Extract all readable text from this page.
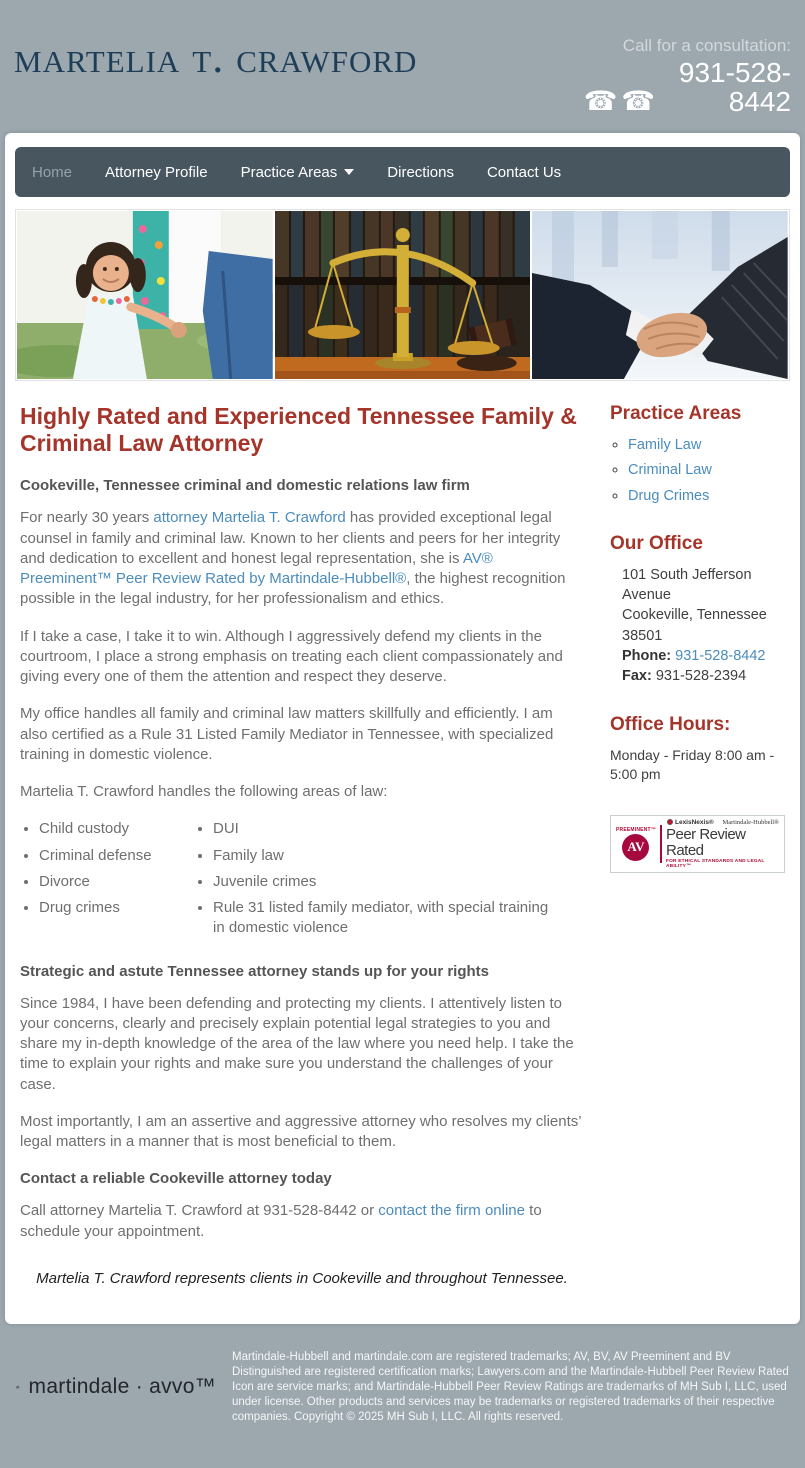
martelia t. crawford	Call for a consultation:
☎☎
931-528-8442
Home Attorney Profile Practice Areas	Directions Contact Us
Highly Rated and Experienced Tennessee Family & Criminal Law Attorney
Cookeville, Tennessee criminal and domestic relations law firm

For nearly 30 years attorney Martelia T. Crawford has provided exceptional legal counsel in family and criminal law. Known to her clients and peers for her integrity and dedication to excellent and honest legal representation, she is AV® Preeminent™ Peer Review Rated by Martindale-Hubbell®, the highest recognition possible in the legal industry, for her professionalism and ethics.

If I take a case, I take it to win. Although I aggressively defend my clients in the courtroom, I place a strong emphasis on treating each client compassionately and giving every one of them the attention and respect they deserve.

My office handles all family and criminal law matters skillfully and efficiently. I am also certified as a Rule 31 Listed Family Mediator in Tennessee, with specialized training in domestic violence.

Martelia T. Crawford handles the following areas of law:

• Child custody
• Criminal defense
• Divorce
• Drug crimes
• DUI
• Family law
• Juvenile crimes
• Rule 31 listed family mediator, with special training in domestic violence
Strategic and astute Tennessee attorney stands up for your rights

Since 1984, I have been defending and protecting my clients. I attentively listen to your concerns, clearly and precisely explain potential legal strategies to you and share my in-depth knowledge of the area of the law where you need help. I take the time to explain your rights and make sure you understand the challenges of your case.

Most importantly, I am an assertive and aggressive attorney who resolves my clients’ legal matters in a manner that is most beneficial to them.

Contact a reliable Cookeville attorney today

Call attorney Martelia T. Crawford at 931-528-8442 or contact the firm online to schedule your appointment.

Martelia T. Crawford represents clients in Cookeville and throughout Tennessee.
Practice Areas
◦ Family Law
◦ Criminal Law
◦ Drug Crimes
Our Office
101 South Jefferson Avenue
Cookeville, Tennessee 38501
Phone: 931-528-8442
Fax: 931-528-2394
Office Hours:
Monday - Friday 8:00 am - 5:00 pm
PREEMINENT™
AV
®
LexisNexis® Martindale-Hubbell®
Peer Review Rated
FOR ETHICAL STANDARDS AND LEGAL ABILITY™
martindale · avvo™
Martindale-Hubbell and martindale.com are registered trademarks; AV, BV, AV Preeminent and BV Distinguished are registered certification marks; Lawyers.com and the Martindale-Hubbell Peer Review Rated Icon are service marks; and Martindale-Hubbell Peer Review Ratings are trademarks of MH Sub I, LLC, used under license. Other products and services may be trademarks or registered trademarks of their respective companies. Copyright © 2025 MH Sub I, LLC. All rights reserved.
